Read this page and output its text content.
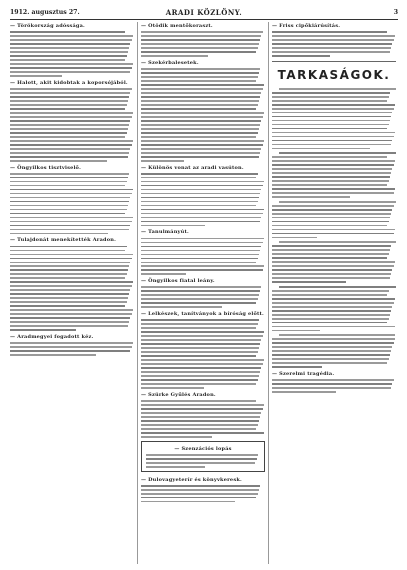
1912. augusztus 27.	ARADI KÖZLÖNY.	3
— Törökország adóssága.
— Halott, akit kidobtak a koporsójából.
— Öngyilkos tisztviselő.
— Tulajdonát menekítették Aradon.
— Aradmegyei fogadott kéz.
— Ötödik mentőkoraszt.
— Szekérbalesetek.
— Különös vonat az aradi vasúton.
— Tanulmányút.
— Öngyilkos fiatal leány.
— Lelkészek, tanítványok a bíróság előtt.
— Szürke Gyűlés Aradon.
— Szenzációs lopás
— Dulovagyeterír és könyvkeresk.
— Friss cipőkiárúsítás.
TARKASÁGOK.
— Szerelmi tragédia.
